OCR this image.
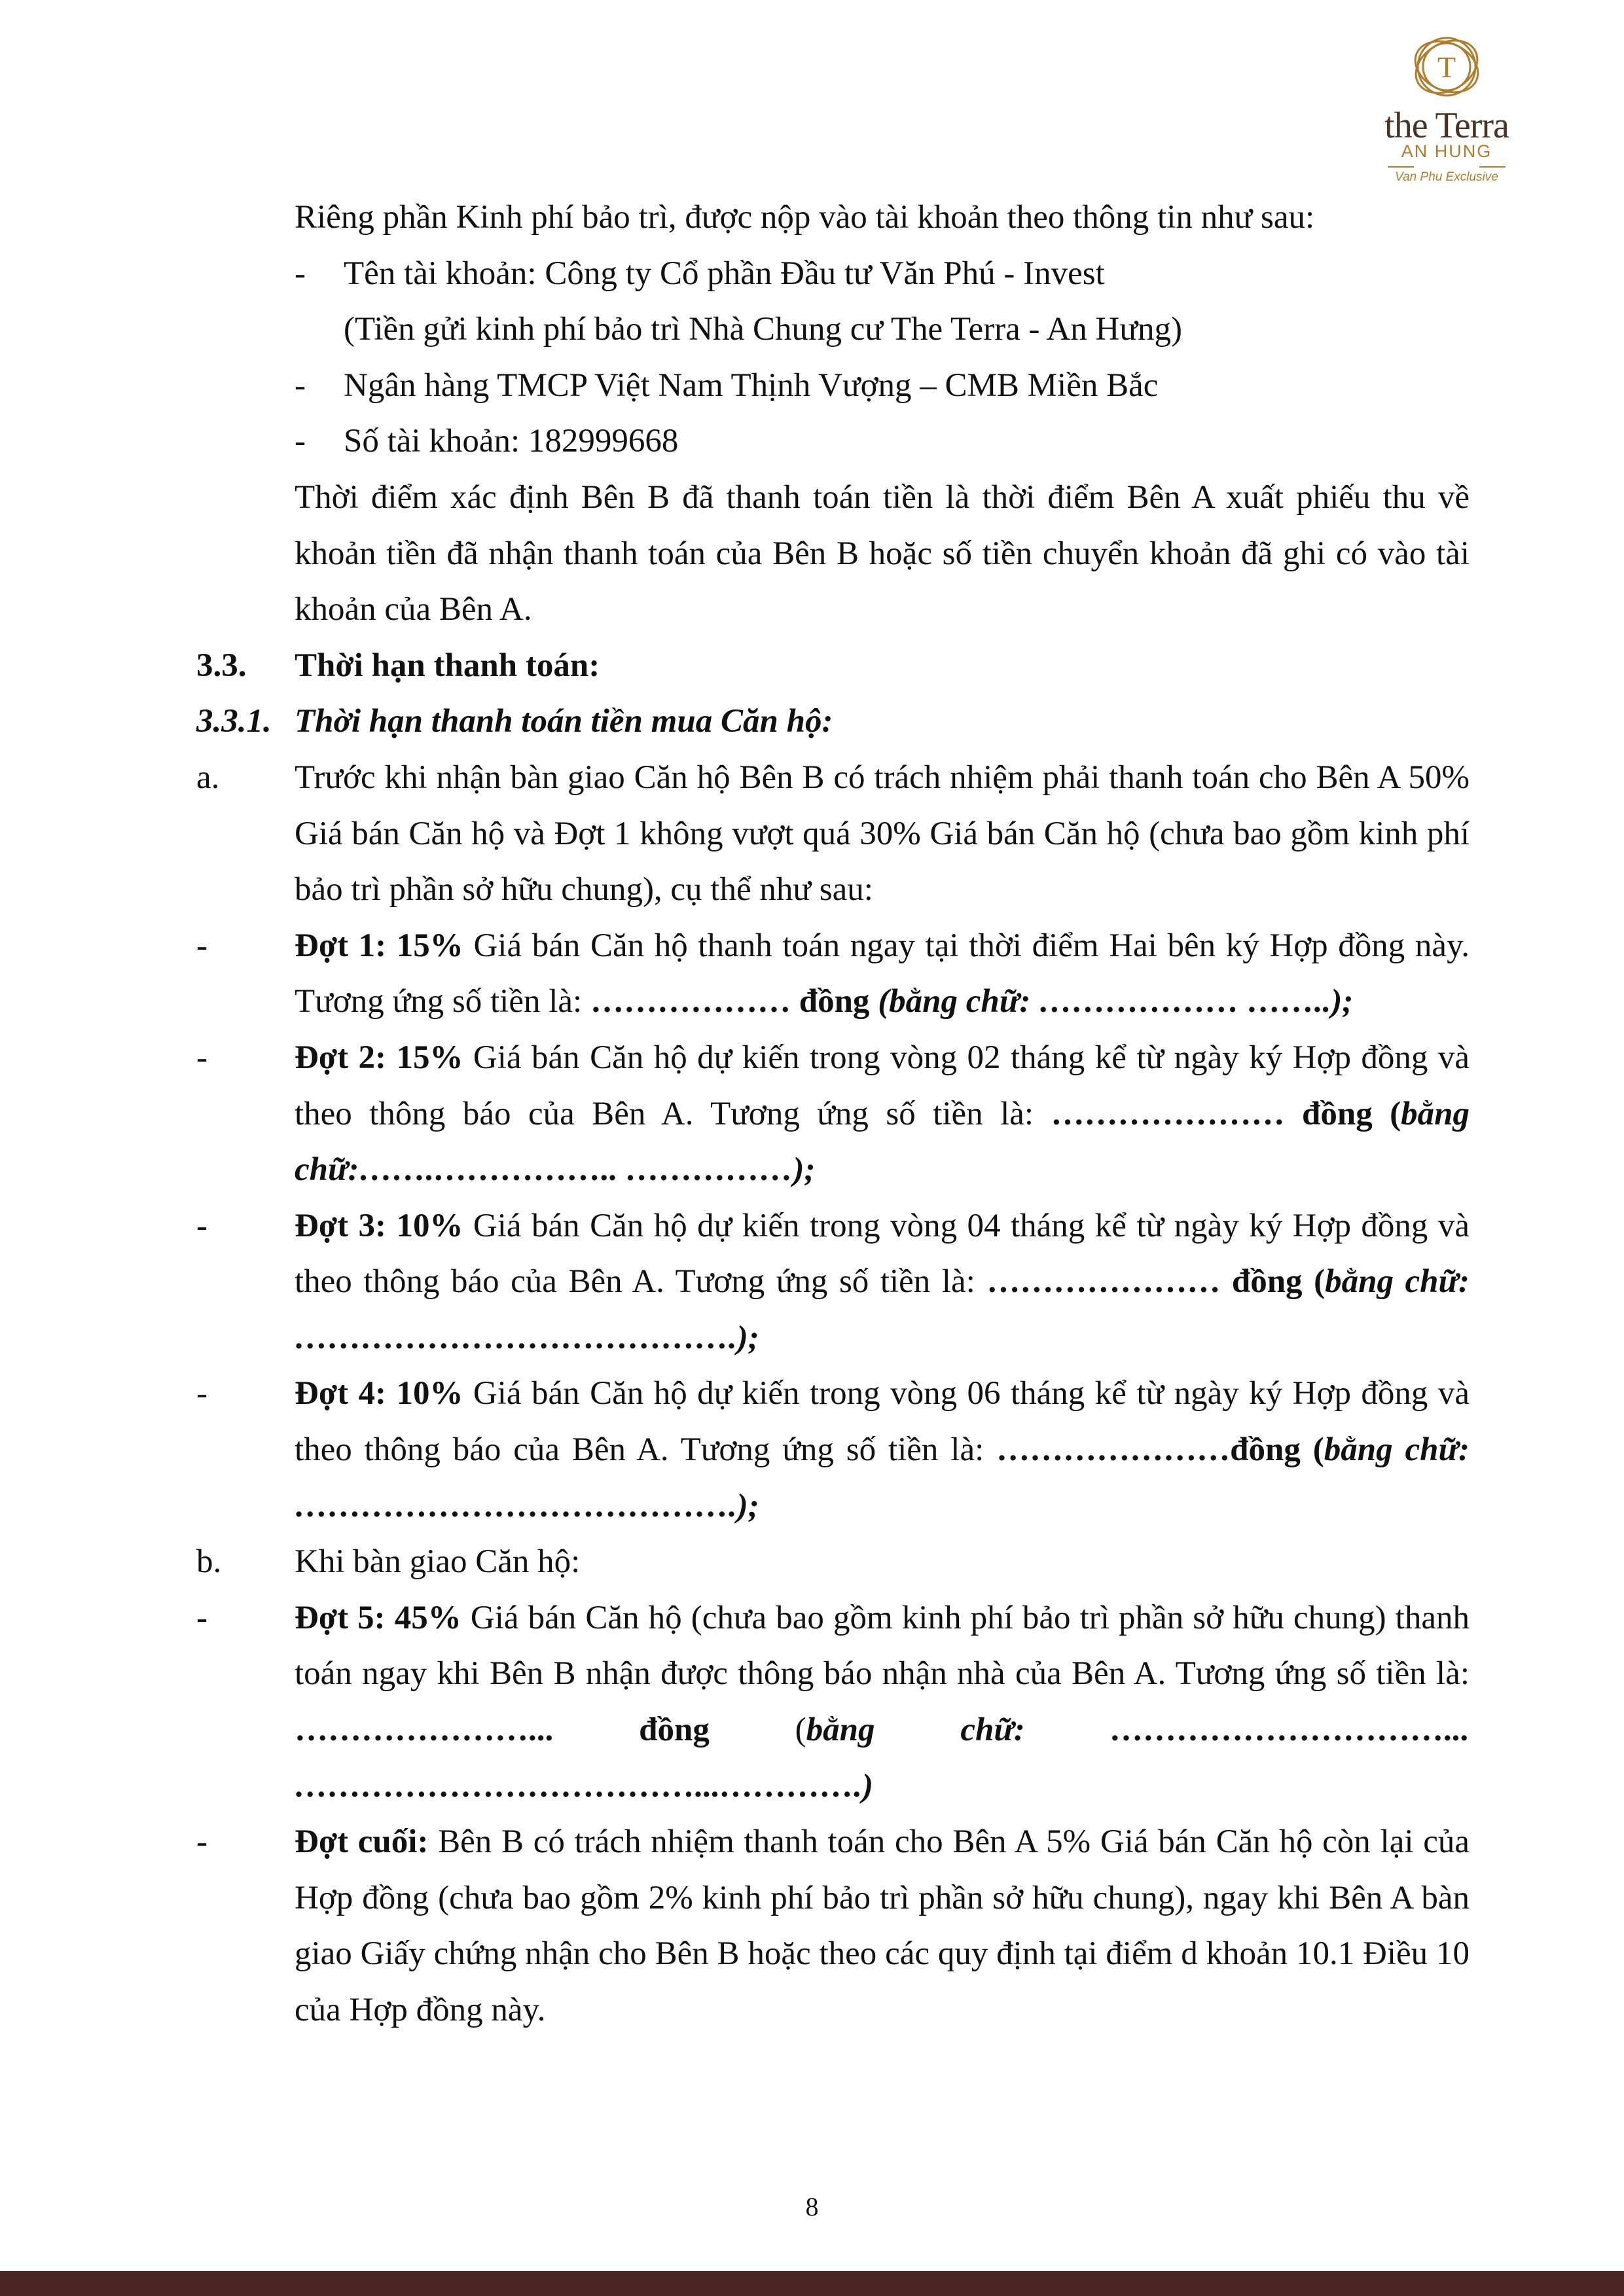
T
the Terra
AN HUNG
Van Phu Exclusive
Riêng phần Kinh phí bảo trì, được nộp vào tài khoản theo thông tin như sau:
- Tên tài khoản: Công ty Cổ phần Đầu tư Văn Phú - Invest
(Tiền gửi kinh phí bảo trì Nhà Chung cư The Terra - An Hưng)
- Ngân hàng TMCP Việt Nam Thịnh Vượng – CMB Miền Bắc
- Số tài khoản: 182999668
Thời điểm xác định Bên B đã thanh toán tiền là thời điểm Bên A xuất phiếu thu về khoản tiền đã nhận thanh toán của Bên B hoặc số tiền chuyển khoản đã ghi có vào tài khoản của Bên A.
3.3. Thời hạn thanh toán:
3.3.1. Thời hạn thanh toán tiền mua Căn hộ:
a. Trước khi nhận bàn giao Căn hộ Bên B có trách nhiệm phải thanh toán cho Bên A 50% Giá bán Căn hộ và Đợt 1 không vượt quá 30% Giá bán Căn hộ (chưa bao gồm kinh phí bảo trì phần sở hữu chung), cụ thể như sau:
-	Đợt 1: 15% Giá bán Căn hộ thanh toán ngay tại thời điểm Hai bên ký Hợp đồng này. Tương ứng số tiền là: ……………… đồng (bằng chữ: ……………… ……..);
-	Đợt 2: 15% Giá bán Căn hộ dự kiến trong vòng 02 tháng kể từ ngày ký Hợp đồng và theo thông báo của Bên A. Tương ứng số tiền là: ………………… đồng (bằng chữ:…….…………….. ……………);
-	Đợt 3: 10% Giá bán Căn hộ dự kiến trong vòng 04 tháng kể từ ngày ký Hợp đồng và theo thông báo của Bên A. Tương ứng số tiền là: ………………… đồng (bằng chữ: ………………………………….);
-	Đợt 4: 10% Giá bán Căn hộ dự kiến trong vòng 06 tháng kể từ ngày ký Hợp đồng và theo thông báo của Bên A. Tương ứng số tiền là: …………………đồng (bằng chữ: ………………………………….);
b. Khi bàn giao Căn hộ:
-	Đợt 5: 45% Giá bán Căn hộ (chưa bao gồm kinh phí bảo trì phần sở hữu chung) thanh toán ngay khi Bên B nhận được thông báo nhận nhà của Bên A. Tương ứng số tiền là: …………………... đồng (bằng chữ: …………………………... ………………………………...………….)
-	Đợt cuối: Bên B có trách nhiệm thanh toán cho Bên A 5% Giá bán Căn hộ còn lại của Hợp đồng (chưa bao gồm 2% kinh phí bảo trì phần sở hữu chung), ngay khi Bên A bàn giao Giấy chứng nhận cho Bên B hoặc theo các quy định tại điểm d khoản 10.1 Điều 10 của Hợp đồng này.
8
